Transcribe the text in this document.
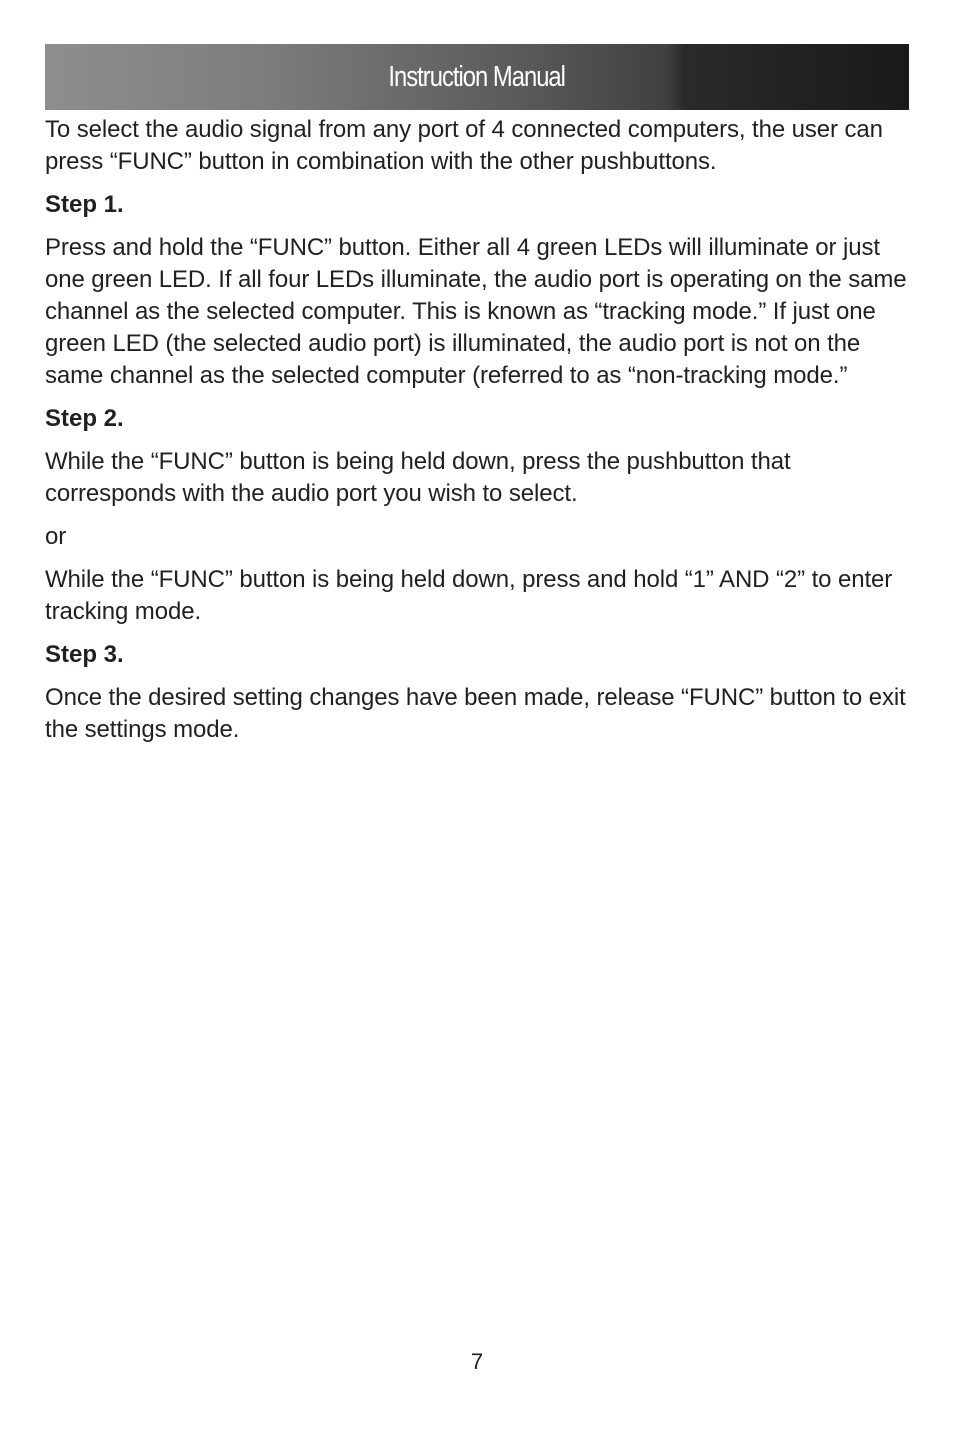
Instruction Manual

To select the audio signal from any port of 4 connected computers, the user can press “FUNC” button in combination with the other pushbuttons.

Step 1.

Press and hold the “FUNC” button. Either all 4 green LEDs will illuminate or just one green LED. If all four LEDs illuminate, the audio port is operating on the same channel as the selected computer. This is known as “tracking mode.” If just one green LED (the selected audio port) is illuminated, the audio port is not on the same channel as the selected computer (referred to as “non-tracking mode.”

Step 2.

While the “FUNC” button is being held down, press the pushbutton that corresponds with the audio port you wish to select.

or

While the “FUNC” button is being held down, press and hold “1” AND “2” to enter tracking mode.

Step 3.

Once the desired setting changes have been made, release “FUNC” button to exit the settings mode.

7
